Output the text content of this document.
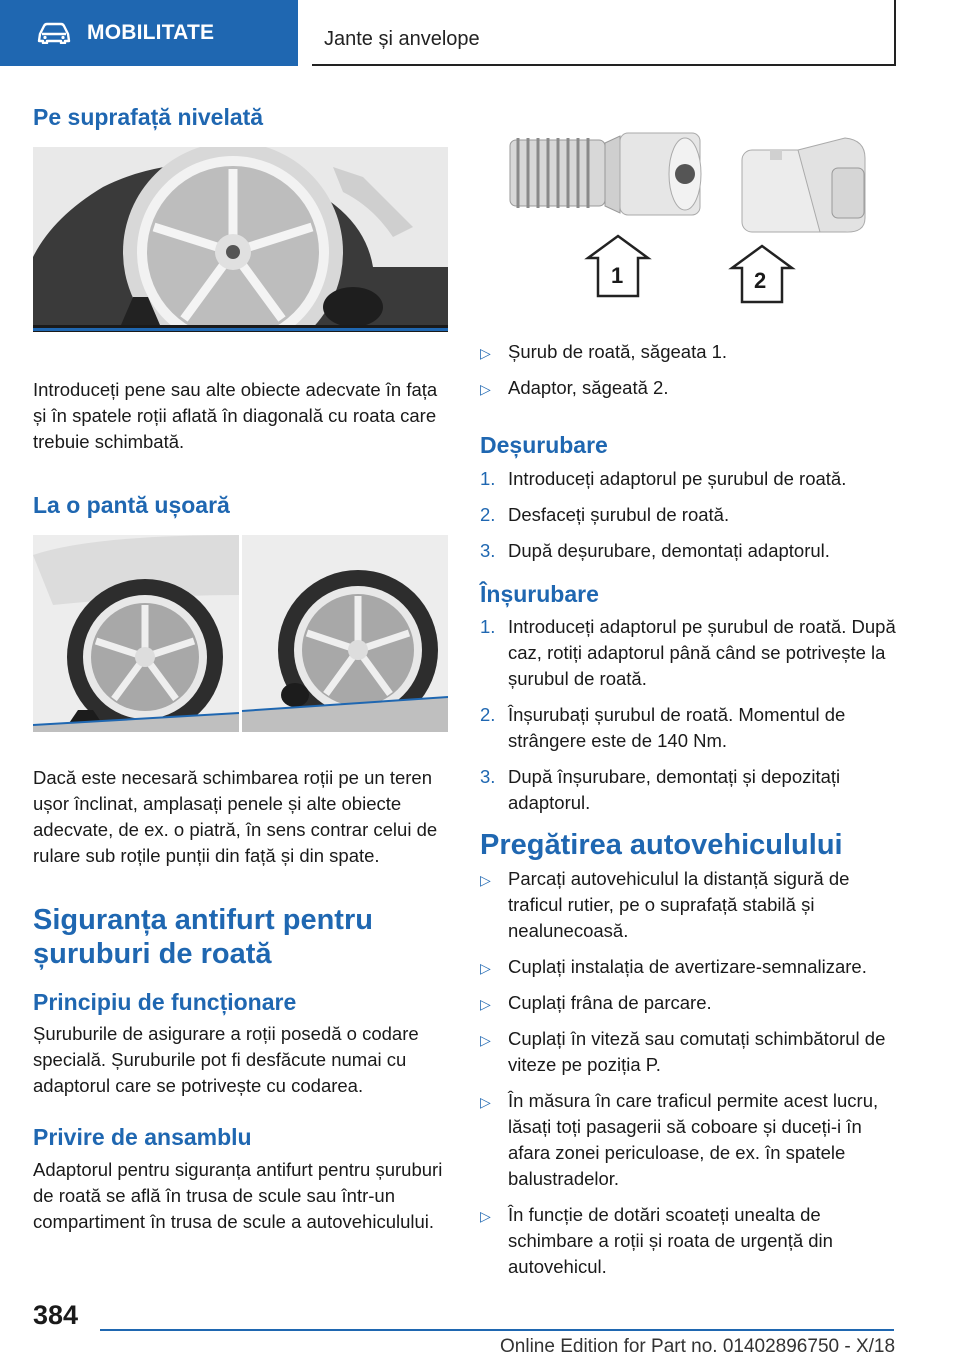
MOBILITATE	Jante și anvelope
Pe suprafață nivelată
Introduceți pene sau alte obiecte adecvate în fața și în spatele roții aflată în diagonală cu roata care trebuie schimbată.
La o pantă ușoară
Dacă este necesară schimbarea roții pe un teren ușor înclinat, amplasați penele și alte obiecte adecvate, de ex. o piatră, în sens contrar celui de rulare sub roțile punții din față și din spate.
Siguranța antifurt pentru șuruburi de roată
Principiu de funcționare
Șuruburile de asigurare a roții posedă o codare specială. Șuruburile pot fi desfăcute numai cu adaptorul care se potrivește cu codarea.
Privire de ansamblu
Adaptorul pentru siguranța antifurt pentru șuruburi de roată se află în trusa de scule sau într-un compartiment în trusa de scule a autovehiculului.
1	2
▷ Șurub de roată, săgeata 1.
▷ Adaptor, săgeată 2.
Deșurubare
1. Introduceți adaptorul pe șurubul de roată.
2. Desfaceți șurubul de roată.
3. După deșurubare, demontați adaptorul.
Înșurubare
1. Introduceți adaptorul pe șurubul de roată. După caz, rotiți adaptorul până când se potrivește la șurubul de roată.
2. Înșurubați șurubul de roată. Momentul de strângere este de 140 Nm.
3. După înșurubare, demontați și depozitați adaptorul.
Pregătirea autovehiculului
▷ Parcați autovehiculul la distanță sigură de traficul rutier, pe o suprafață stabilă și nealunecoasă.
▷ Cuplați instalația de avertizare-semnalizare.
▷ Cuplați frâna de parcare.
▷ Cuplați în viteză sau comutați schimbătorul de viteze pe poziția P.
▷ În măsura în care traficul permite acest lucru, lăsați toți pasagerii să coboare și duceți-i în afara zonei periculoase, de ex. în spatele balustradelor.
▷ În funcție de dotări scoateți unealta de schimbare a roții și roata de urgență din autovehicul.
384
Online Edition for Part no. 01402896750 - X/18
